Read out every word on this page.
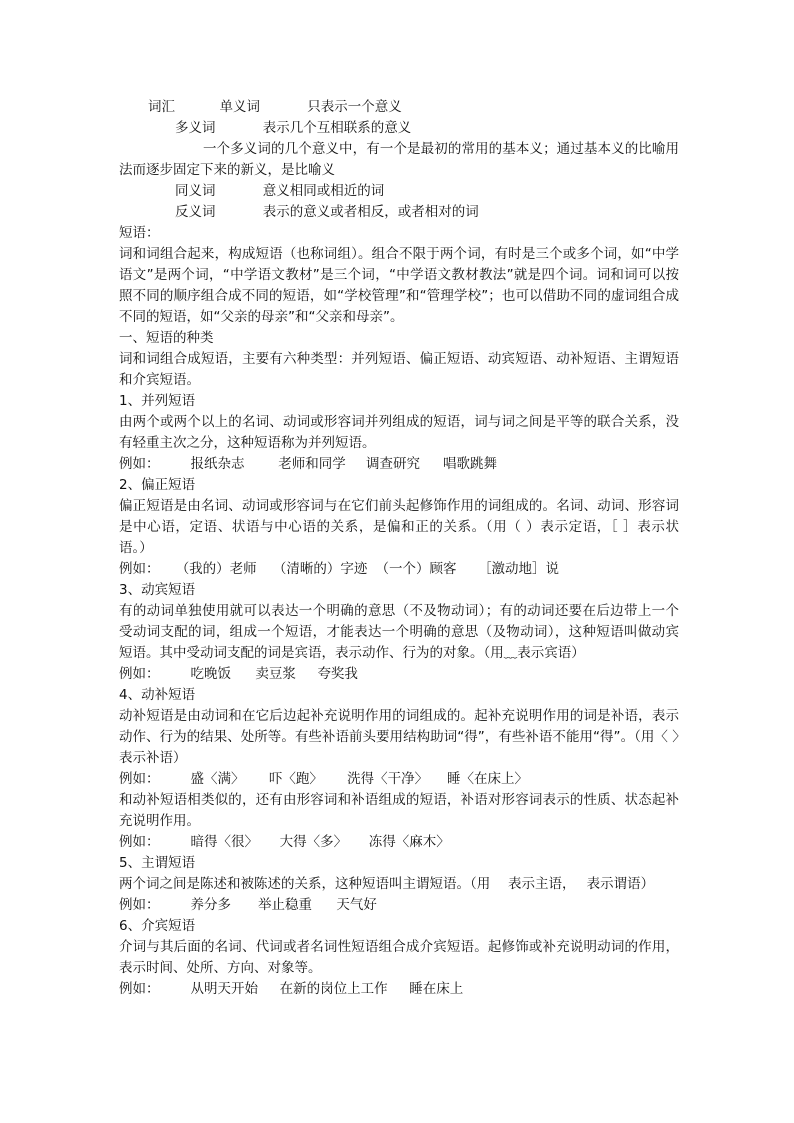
词汇	单义词	只表示一个意义
多义词	表示几个互相联系的意义
一个多义词的几个意义中，有一个是最初的常用的基本义；通过基本义的比喻用法而逐步固定下来的新义，是比喻义
同义词	意义相同或相近的词
反义词	表示的意义或者相反，或者相对的词
短语：
词和词组合起来，构成短语（也称词组）。组合不限于两个词，有时是三个或多个词，如“中学语文”是两个词，“中学语文教材”是三个词，“中学语文教材教法”就是四个词。词和词可以按照不同的顺序组合成不同的短语，如“学校管理”和“管理学校”；也可以借助不同的虚词组合成不同的短语，如“父亲的母亲”和“父亲和母亲”。
一、短语的种类
词和词组合成短语，主要有六种类型：并列短语、偏正短语、动宾短语、动补短语、主谓短语和介宾短语。
1、并列短语
由两个或两个以上的名词、动词或形容词并列组成的短语，词与词之间是平等的联合关系，没有轻重主次之分，这种短语称为并列短语。
例如： 报纸杂志	老师和同学 调查研究 唱歌跳舞
2、偏正短语
偏正短语是由名词、动词或形容词与在它们前头起修饰作用的词组成的。名词、动词、形容词是中心语，定语、状语与中心语的关系，是偏和正的关系。（用（ ）表示定语，［ ］表示状语。）
例如： （我的）老师 （清晰的）字迹 （一个）顾客 ［激动地］说
3、动宾短语
有的动词单独使用就可以表达一个明确的意思（不及物动词）；有的动词还要在后边带上一个受动词支配的词，组成一个短语，才能表达一个明确的意思（及物动词），这种短语叫做动宾短语。其中受动词支配的词是宾语，表示动作、行为的对象。（用﹏表示宾语）
例如： 吃晚饭 卖豆浆 夸奖我
4、动补短语
动补短语是由动词和在它后边起补充说明作用的词组成的。起补充说明作用的词是补语，表示动作、行为的结果、处所等。有些补语前头要用结构助词“得”，有些补语不能用“得”。（用〈 〉表示补语）
例如： 盛〈满〉 吓〈跑〉 洗得〈干净〉 睡〈在床上〉
和动补短语相类似的，还有由形容词和补语组成的短语，补语对形容词表示的性质、状态起补充说明作用。
例如： 暗得〈很〉 大得〈多〉 冻得〈麻木〉
5、主谓短语
两个词之间是陈述和被陈述的关系，这种短语叫主谓短语。（用　 表示主语，　 表示谓语）
例如： 养分多 举止稳重 天气好
6、介宾短语
介词与其后面的名词、代词或者名词性短语组合成介宾短语。起修饰或补充说明动词的作用，表示时间、处所、方向、对象等。
例如： 从明天开始 在新的岗位上工作 睡在床上
